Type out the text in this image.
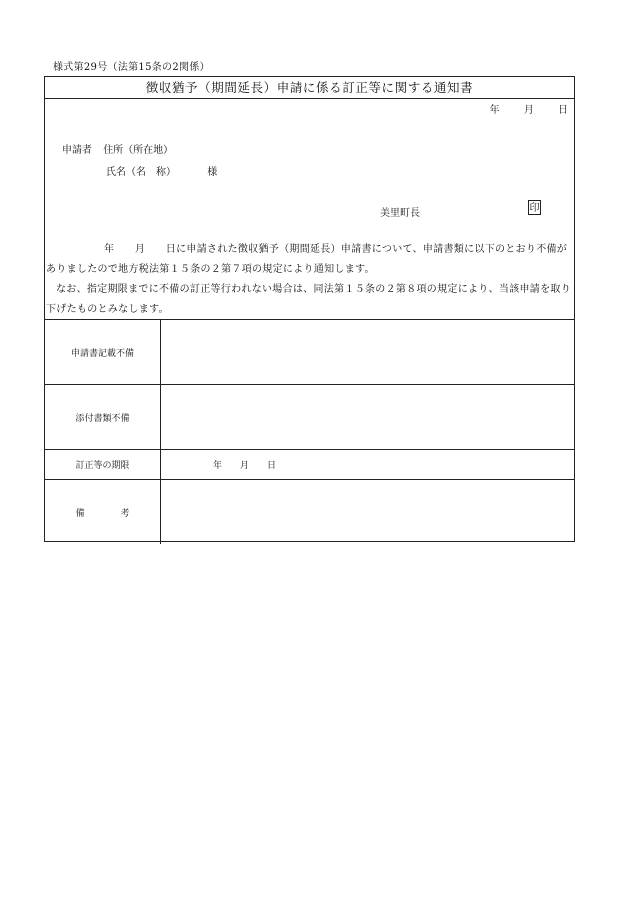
様式第29号（法第15条の2関係）
徴収猶予（期間延長）申請に係る訂正等に関する通知書
年 月 日
申請者 住所（所在地）
氏名（名　称）	様
美里町長	印

年　　月　　日に申請された徴収猶予（期間延長）申請書について、申請書類に以下のとおり不備がありましたので地方税法第１５条の２第７項の規定により通知します。

なお、指定期限までに不備の訂正等行われない場合は、同法第１５条の２第８項の規定により、当該申請を取り下げたものとみなします。

申請書記載不備	
添付書類不備	
訂正等の期限	年　　月　　日
備　　　　考	
